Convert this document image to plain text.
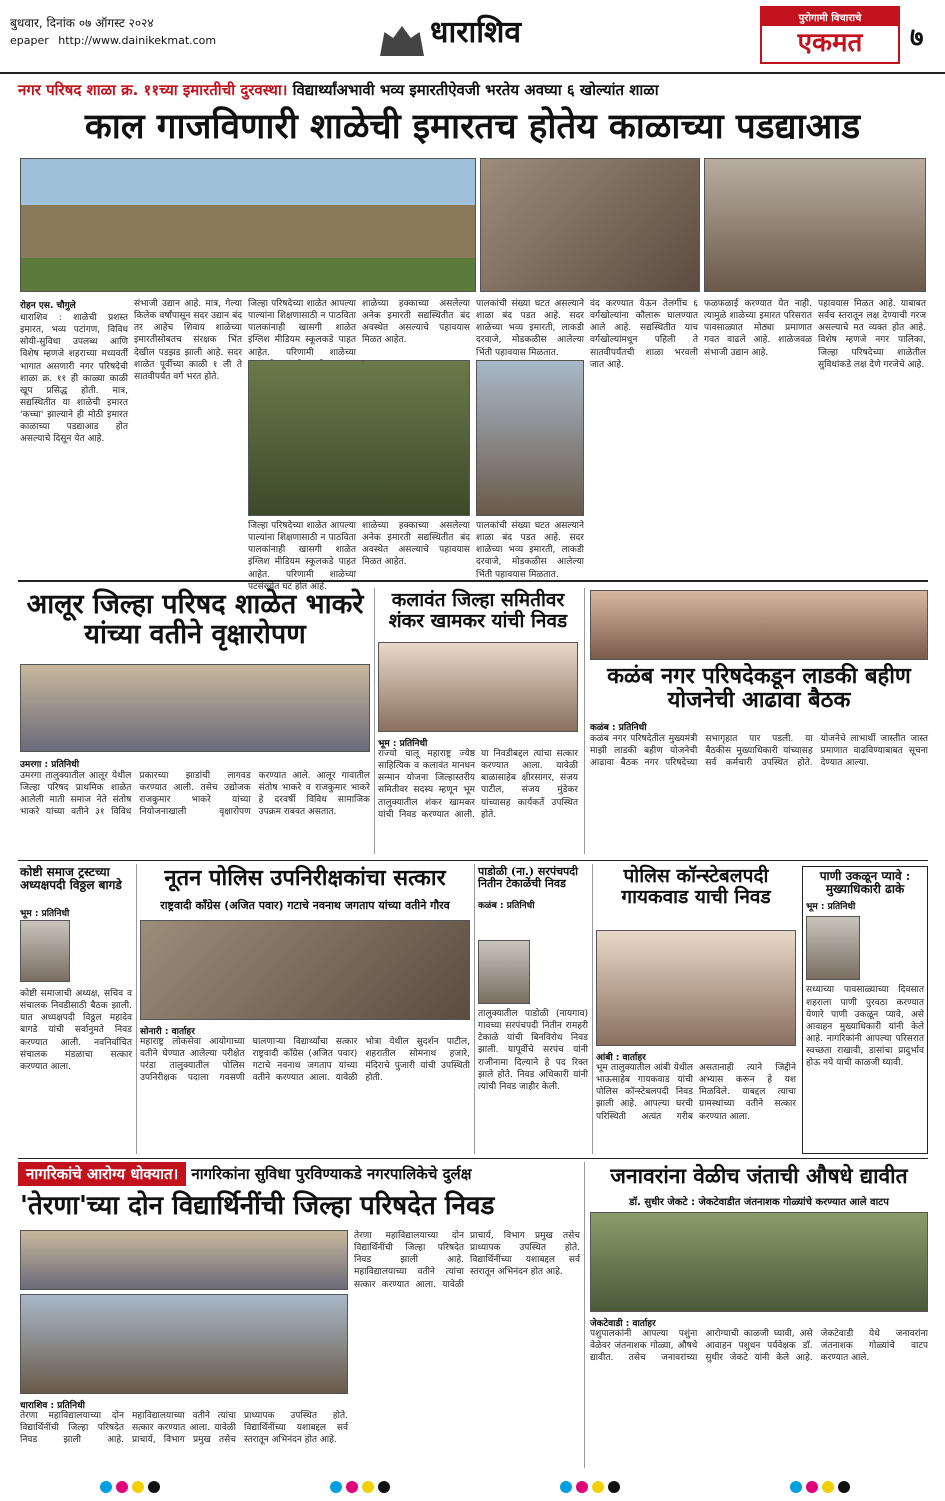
बुधवार, दिनांक ०७ ऑगस्ट २०२४
epaper http://www.dainikekmat.com	धाराशिव	पुरोगामी विचाराचे
एकमत	७
नगर परिषद शाळा क्र. ११च्या इमारतीची दुरवस्था। विद्यार्थ्यांअभावी भव्य इमारतीऐवजी भरतेय अवघ्या ६ खोल्यांत शाळा
काल गाजविणारी शाळेची इमारतच होतेय काळाच्या पडद्याआड
रोहन एस. चौगुले
धाराशिव : शाळेची प्रशस्त इमारत, भव्य पटांगण, विविध सोयी-सुविधा उपलब्ध आणि विशेष म्हणजे शहराच्या मध्यवर्ती भागात असणारी नगर परिषदेची शाळा क्र. ११ ही काळ्या काळी खूप प्रसिद्ध होती. मात्र, सद्यस्थितीत या शाळेची इमारत 'कच्चा' झाल्याने ही मोठी इमारत काळाच्या पडद्याआड होत असल्याचे दिसून येत आहे.
संभाजी उद्यान आहे. मात्र, गेल्या किलेक वर्षांपासून सदर उद्यान बंद तर आहेच शिवाय शाळेच्या इमारतीसोबतच संरक्षक भिंत देखील पडझड झाली आहे. सदर शाळेत पूर्वीच्या काळी १ ली ते सातवीपर्यंत वर्ग भरत होते.
जिल्हा परिषदेच्या शाळेत आपल्या पाल्यांना शिक्षणासाठी न पाठविता पालकांनाही खासगी शाळेत इंग्लिश मीडियम स्कूलकडे पाहत आहेत. परिणामी शाळेच्या
शाळेच्या हक्काच्या असलेल्या अनेक इमारती सद्यस्थितीत बंद अवस्थेत असल्याचे पहावयास मिळत आहेत.
जिल्हा परिषदेच्या शाळेत आपल्या पाल्यांना शिक्षणासाठी न पाठविता पालकांनाही खासगी शाळेत इंग्लिश मीडियम स्कूलकडे पाहत आहेत. परिणामी शाळेच्या पटसंख्येत घट होत आहे.
शाळेच्या हक्काच्या असलेल्या अनेक इमारती सद्यस्थितीत बंद अवस्थेत असल्याचे पहावयास मिळत आहेत.
पालकांची संख्या घटत असल्याने शाळा बंद पडत आहे. सदर शाळेच्या भव्य इमारती, लाकडी दरवाजे, मोडकळीस आलेल्या भिंती पहावयास मिळतात.
पालकांची संख्या घटत असल्याने शाळा बंद पडत आहे. सदर शाळेच्या भव्य इमारती, लाकडी दरवाजे, मोडकळीस आलेल्या भिंती पहावयास मिळतात.
वंद करण्यात येऊन तेलगींच ६ वर्गखोल्यांना कौलारू घालण्यात आले आहे. सद्यस्थितीत याच वर्गखोल्यांमधून पहिली ते सातवीपर्यंतची शाळा भरवली जात आहे.
फळफळाई करण्यात येत नाही. त्यामुळे शाळेच्या इमारत परिसरात पावसाळ्यात मोठ्या प्रमाणात गवत वाढले आहे. शाळेजवळ संभाजी उद्यान आहे.
पहावयास मिळत आहे. याबाबत सर्वच स्तरातून लक्ष देण्याची गरज असल्याचे मत व्यक्त होत आहे. विशेष म्हणजे नगर पालिका, जिल्हा परिषदेच्या शाळेतील सुविधांकडे लक्ष देणे गरजेचे आहे.
आलूर जिल्हा परिषद शाळेत भाकरे यांच्या वतीने वृक्षारोपण
उमरगा : प्रतिनिधी
उमरगा तालुक्यातील आलूर येथील जिल्हा परिषद प्राथमिक शाळेत आलेली माती समाज नेते संतोष भाकरे यांच्या वतीने ३१ विविध प्रकारच्या झाडांची लागवड करण्यात आली. तसेच उद्योजक राजकुमार भाकरे यांच्या नियोजनाखाली वृक्षारोपण करण्यात आले. आलूर गावातील संतोष भाकरे व राजकुमार भाकरे हे दरवर्षी विविध सामाजिक उपक्रम राबवत असतात.
कलावंत जिल्हा समितीवर शंकर खामकर यांची निवड
भूम : प्रतिनिधी
राज्यो चालू महाराष्ट्र ज्येष्ठ साहित्यिक व कलावंत मानधन सन्मान योजना जिल्हास्तरीय समितीवर सदस्य म्हणून भूम तालुक्यातील शंकर खामकर यांची निवड करण्यात आली. या निवडीबद्दल त्यांचा सत्कार करण्यात आला. यावेळी बाळासाहेब क्षीरसागर, संजय पाटील, संजय मुंडेकर यांच्यासह कार्यकर्ते उपस्थित होते.
कळंब नगर परिषदेकडून लाडकी बहीण योजनेची आढावा बैठक
कळंब : प्रतिनिधी
कळंब नगर परिषदेतील मुख्यमंत्री माझी लाडकी बहीण योजनेची आढावा बैठक नगर परिषदेच्या सभागृहात पार पडली. या बैठकीस मुख्याधिकारी यांच्यासह सर्व कर्मचारी उपस्थित होते. योजनेचे लाभार्थी जास्तीत जास्त प्रमाणात वाढविण्याबाबत सूचना देण्यात आल्या.
कोष्टी समाज ट्रस्टच्या अध्यक्षपदी विठ्ठल बागडे
भूम : प्रतिनिधी
कोष्टी समाजाची अध्यक्ष, सचिव व संचालक निवडीसाठी बैठक झाली. यात अध्यक्षपदी विठ्ठल महादेव बागडे यांची सर्वानुमते निवड करण्यात आली. नवनिर्वाचित संचालक मंडळाचा सत्कार करण्यात आला.
नूतन पोलिस उपनिरीक्षकांचा सत्कार
राष्ट्रवादी काँग्रेस (अजित पवार) गटाचे नवनाथ जगताप यांच्या वतीने गौरव
सोनारी : वार्ताहर
महाराष्ट्र लोकसेवा आयोगाच्या वतीने घेण्यात आलेल्या परीक्षेत परंडा तालुक्यातील पोलिस उपनिरीक्षक पदाला गवसणी घालणाऱ्या विद्यार्थ्यांचा सत्कार राष्ट्रवादी काँग्रेस (अजित पवार) गटाचे नवनाथ जगताप यांच्या वतीने करण्यात आला. यावेळी भोत्रा येथील सुदर्शन पाटील, शहरातील सोमनाथ हजारे, मंदिराचे पुजारी यांची उपस्थिती होती.
पाडोळी (ना.) सरपंचपदी नितीन टेकाळेंची निवड
कळंब : प्रतिनिधी
तालुक्यातील पाडोळी (नायगाव) गावच्या सरपंचपदी नितीन रामहरी टेकाळे यांची बिनविरोध निवड झाली. यापूर्वीचे सरपंच यांनी राजीनामा दिल्याने हे पद रिक्त झाले होते. निवड अधिकारी यांनी त्यांची निवड जाहीर केली.
पोलिस कॉन्स्टेबलपदी गायकवाड याची निवड
आंबी : वार्ताहर
भूम तालुक्यातील आंबी येथील भाऊसाहेब गायकवाड यांची पोलिस कॉन्स्टेबलपदी निवड झाली आहे. आपल्या घरची परिस्थिती अत्यंत गरीब असतानाही त्याने जिद्दीने अभ्यास करून हे यश मिळविले. याबद्दल त्याचा ग्रामस्थांच्या वतीने सत्कार करण्यात आला.
पाणी उकळून प्यावे : मुख्याधिकारी ढाके
भूम : प्रतिनिधी
सध्याच्या पावसाळ्याच्या दिवसात शहराला पाणी पुरवठा करण्यात येणारे पाणी उकळून प्यावे, असे आवाहन मुख्याधिकारी यांनी केले आहे. नागरिकांनी आपल्या परिसरात स्वच्छता राखावी, डासांचा प्रादुर्भाव होऊ नये याची काळजी घ्यावी.
नागरिकांचे आरोग्य धोक्यात। नागरिकांना सुविधा पुरविण्याकडे नगरपालिकेचे दुर्लक्ष
'तेरणा'च्या दोन विद्यार्थिनींची जिल्हा परिषदेत निवड
धाराशिव : प्रतिनिधी
तेरणा महाविद्यालयाच्या दोन विद्यार्थिनींची जिल्हा परिषदेत निवड झाली आहे. महाविद्यालयाच्या वतीने त्यांचा सत्कार करण्यात आला. यावेळी प्राचार्य, विभाग प्रमुख तसेच प्राध्यापक उपस्थित होते. विद्यार्थिनींच्या यशाबद्दल सर्व स्तरातून अभिनंदन होत आहे.
तेरणा महाविद्यालयाच्या दोन विद्यार्थिनींची जिल्हा परिषदेत निवड झाली आहे. महाविद्यालयाच्या वतीने त्यांचा सत्कार करण्यात आला. यावेळी प्राचार्य, विभाग प्रमुख तसेच प्राध्यापक उपस्थित होते. विद्यार्थिनींच्या यशाबद्दल सर्व स्तरातून अभिनंदन होत आहे.
जनावरांना वेळीच जंताची औषधे द्यावीत
डॉ. सुधीर जेकटे : जेकटेवाडीत जंतनाशक गोळ्यांचे करण्यात आले वाटप
जेकटेवाडी : वार्ताहर
पशुपालकांनी आपल्या पशुंना वेळेवर जंतनाशक गोळ्या, औषधे द्यावीत. तसेच जनावरांच्या आरोग्याची काळजी घ्यावी, असे आवाहन पशुधन पर्यवेक्षक डॉ. सुधीर जेकटे यांनी केले आहे. जेकटेवाडी येथे जनावरांना जंतनाशक गोळ्यांचे वाटप करण्यात आले.
